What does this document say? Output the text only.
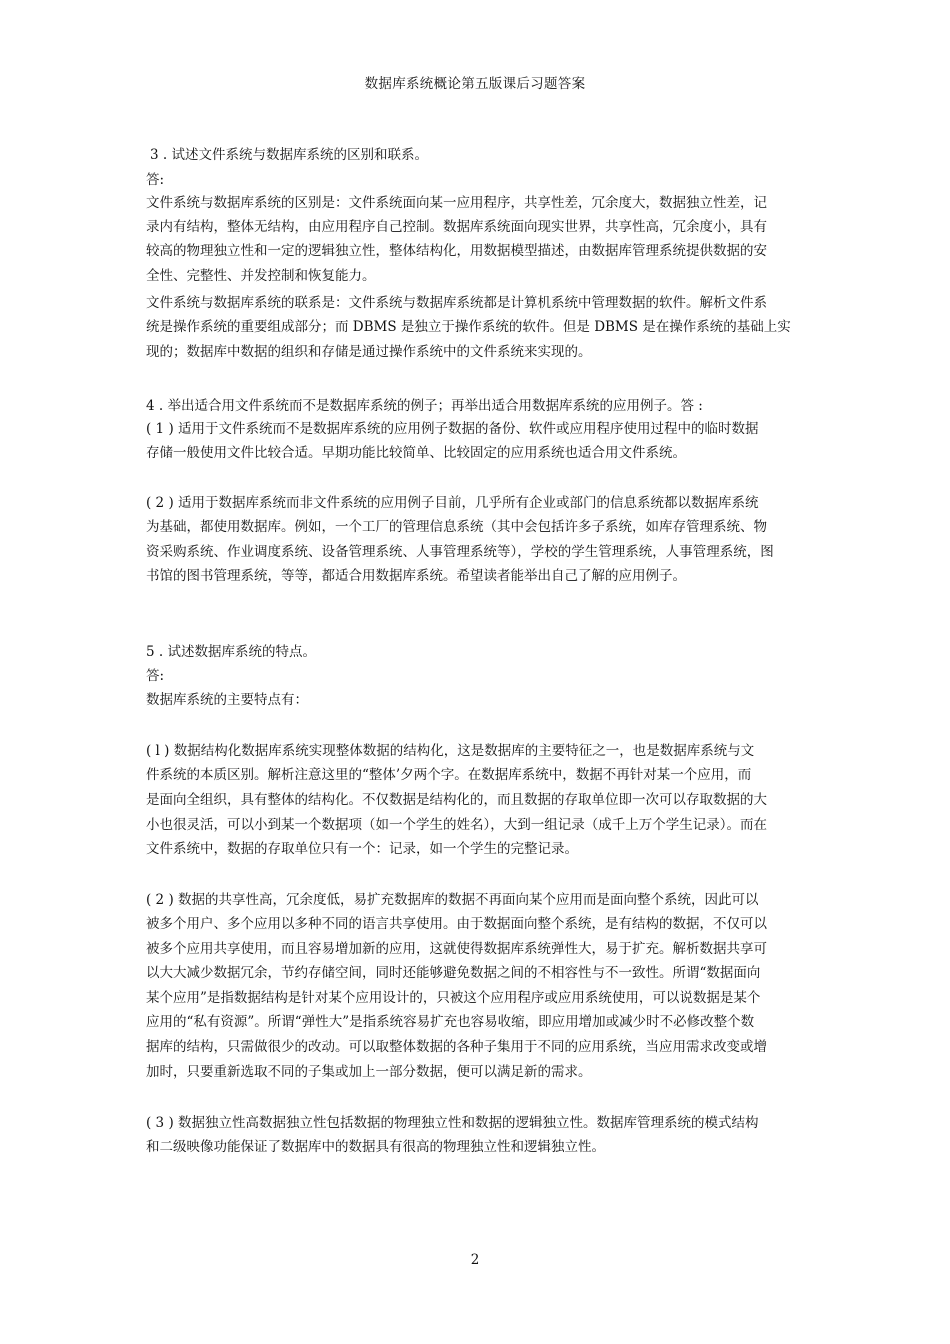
数据库系统概论第五版课后习题答案
3 . 试述文件系统与数据库系统的区别和联系。
答:
文件系统与数据库系统的区别是：文件系统面向某一应用程序，共享性差，冗余度大，数据独立性差，记
录内有结构，整体无结构，由应用程序自己控制。数据库系统面向现实世界，共享性高，冗余度小，具有
较高的物理独立性和一定的逻辑独立性，整体结构化，用数据模型描述，由数据库管理系统提供数据的安
全性、完整性、并发控制和恢复能力。
文件系统与数据库系统的联系是：文件系统与数据库系统都是计算机系统中管理数据的软件。解析文件系
统是操作系统的重要组成部分；而 DBMS 是独立于操作系统的软件。但是 DBMS 是在操作系统的基础上实
现的；数据库中数据的组织和存储是通过操作系统中的文件系统来实现的。
4 . 举出适合用文件系统而不是数据库系统的例子；再举出适合用数据库系统的应用例子。答 :
( 1 ) 适用于文件系统而不是数据库系统的应用例子数据的备份、软件或应用程序使用过程中的临时数据
存储一般使用文件比较合适。早期功能比较简单、比较固定的应用系统也适合用文件系统。
( 2 ) 适用于数据库系统而非文件系统的应用例子目前，几乎所有企业或部门的信息系统都以数据库系统
为基础，都使用数据库。例如，一个工厂的管理信息系统（其中会包括许多子系统，如库存管理系统、物
资采购系统、作业调度系统、设备管理系统、人事管理系统等），学校的学生管理系统，人事管理系统，图
书馆的图书管理系统，等等，都适合用数据库系统。希望读者能举出自己了解的应用例子。
5 . 试述数据库系统的特点。
答:
数据库系统的主要特点有：
( l ) 数据结构化数据库系统实现整体数据的结构化，这是数据库的主要特征之一，也是数据库系统与文
件系统的本质区别。解析注意这里的“整体’夕两个字。在数据库系统中，数据不再针对某一个应用，而
是面向全组织，具有整体的结构化。不仅数据是结构化的，而且数据的存取单位即一次可以存取数据的大
小也很灵活，可以小到某一个数据项（如一个学生的姓名），大到一组记录（成千上万个学生记录）。而在
文件系统中，数据的存取单位只有一个：记录，如一个学生的完整记录。
( 2 ) 数据的共享性高，冗余度低，易扩充数据库的数据不再面向某个应用而是面向整个系统，因此可以
被多个用户、多个应用以多种不同的语言共享使用。由于数据面向整个系统，是有结构的数据，不仅可以
被多个应用共享使用，而且容易增加新的应用，这就使得数据库系统弹性大，易于扩充。解析数据共享可
以大大减少数据冗余，节约存储空间，同时还能够避免数据之间的不相容性与不一致性。所谓“数据面向
某个应用”是指数据结构是针对某个应用设计的，只被这个应用程序或应用系统使用，可以说数据是某个
应用的“私有资源”。所谓“弹性大”是指系统容易扩充也容易收缩，即应用增加或减少时不必修改整个数
据库的结构，只需做很少的改动。可以取整体数据的各种子集用于不同的应用系统，当应用需求改变或增
加时，只要重新选取不同的子集或加上一部分数据，便可以满足新的需求。
( 3 ) 数据独立性高数据独立性包括数据的物理独立性和数据的逻辑独立性。数据库管理系统的模式结构
和二级映像功能保证了数据库中的数据具有很高的物理独立性和逻辑独立性。
2
